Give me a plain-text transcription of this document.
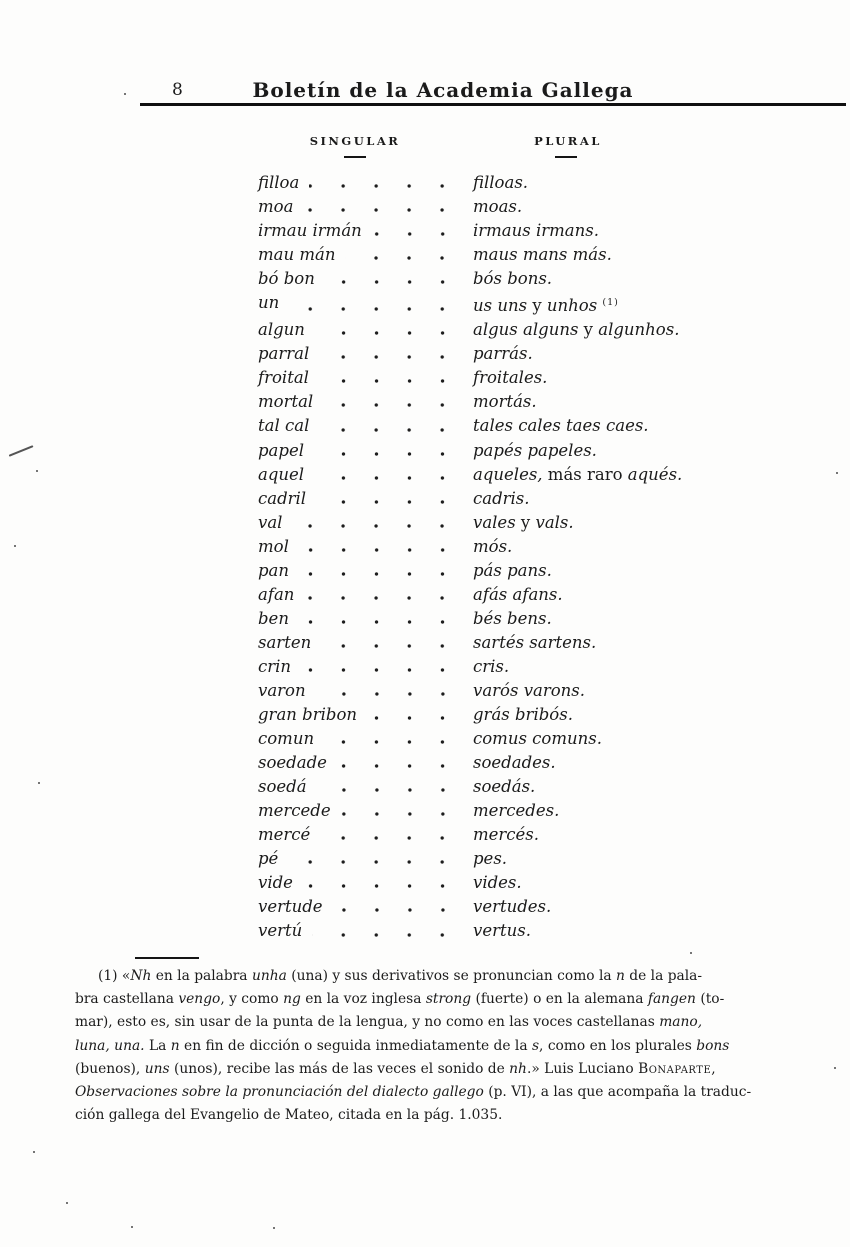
8	Boletín de la Academia Gallega
SINGULAR	PLURAL
filloa	filloas.
moa	moas.
irmau irmán	irmaus irmans.
mau mán	maus mans más.
bó bon	bós bons.
un	us uns y unhos $^{(1)}$
algun	algus alguns y algunhos.
parral	parrás.
froital	froitales.
mortal	mortás.
tal cal	tales cales taes caes.
papel	papés papeles.
aquel	aqueles, más raro aqués.
cadril	cadris.
val	vales y vals.
mol	mós.
pan	pás pans.
afan	afás afans.
ben	bés bens.
sarten	sartés sartens.
crin	cris.
varon	varós varons.
gran bribon	grás bribós.
comun	comus comuns.
soedade	soedades.
soedá	soedás.
mercede	mercedes.
mercé	mercés.
pé	pes.
vide	vides.
vertude	vertudes.
vertú	vertus.
(1) «Nh en la palabra unha (una) y sus derivativos se pronuncian como la n de la pala-
bra castellana vengo, y como ng en la voz inglesa strong (fuerte) o en la alemana fangen (to-
mar), esto es, sin usar de la punta de la lengua, y no como en las voces castellanas mano,
luna, una. La n en fin de dicción o seguida inmediatamente de la s, como en los plurales bons
(buenos), uns (unos), recibe las más de las veces el sonido de nh.» Luis Luciano Bonaparte,
Observaciones sobre la pronunciación del dialecto gallego (p. VI), a las que acompaña la traduc-
ción gallega del Evangelio de Mateo, citada en la pág. 1.035.
